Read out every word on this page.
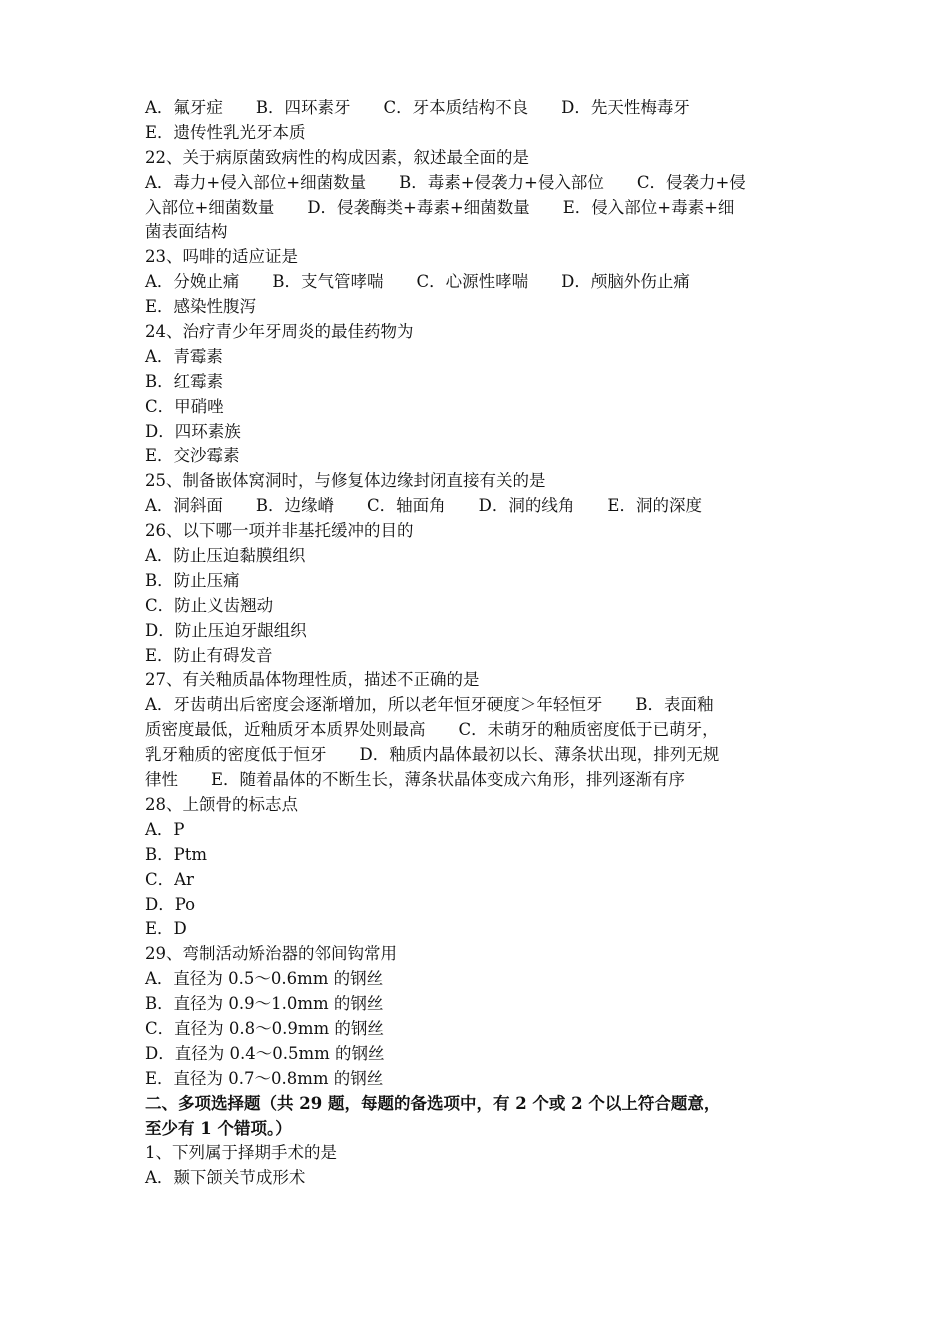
A．氟牙症　　B．四环素牙　　C．牙本质结构不良　　D．先天性梅毒牙
E．遗传性乳光牙本质
22、关于病原菌致病性的构成因素，叙述最全面的是
A．毒力+侵入部位+细菌数量　　B．毒素+侵袭力+侵入部位　　C．侵袭力+侵
入部位+细菌数量　　D．侵袭酶类+毒素+细菌数量　　E．侵入部位+毒素+细
菌表面结构
23、吗啡的适应证是
A．分娩止痛　　B．支气管哮喘　　C．心源性哮喘　　D．颅脑外伤止痛
E．感染性腹泻
24、治疗青少年牙周炎的最佳药物为
A．青霉素
B．红霉素
C．甲硝唑
D．四环素族
E．交沙霉素
25、制备嵌体窝洞时，与修复体边缘封闭直接有关的是
A．洞斜面　　B．边缘嵴　　C．轴面角　　D．洞的线角　　E．洞的深度
26、以下哪一项并非基托缓冲的目的
A．防止压迫黏膜组织
B．防止压痛
C．防止义齿翘动
D．防止压迫牙龈组织
E．防止有碍发音
27、有关釉质晶体物理性质，描述不正确的是
A．牙齿萌出后密度会逐渐增加，所以老年恒牙硬度＞年轻恒牙　　B．表面釉
质密度最低，近釉质牙本质界处则最高　　C．未萌牙的釉质密度低于已萌牙，
乳牙釉质的密度低于恒牙　　D．釉质内晶体最初以长、薄条状出现，排列无规
律性　　E．随着晶体的不断生长，薄条状晶体变成六角形，排列逐渐有序
28、上颌骨的标志点
A．P
B．Ptm
C．Ar
D．Po
E．D
29、弯制活动矫治器的邻间钩常用
A．直径为 0.5～0.6mm 的钢丝
B．直径为 0.9～1.0mm 的钢丝
C．直径为 0.8～0.9mm 的钢丝
D．直径为 0.4～0.5mm 的钢丝
E．直径为 0.7～0.8mm 的钢丝
二、多项选择题（共 29 题，每题的备选项中，有 2 个或 2 个以上符合题意，
至少有 1 个错项。）
1、下列属于择期手术的是
A．颞下颌关节成形术
